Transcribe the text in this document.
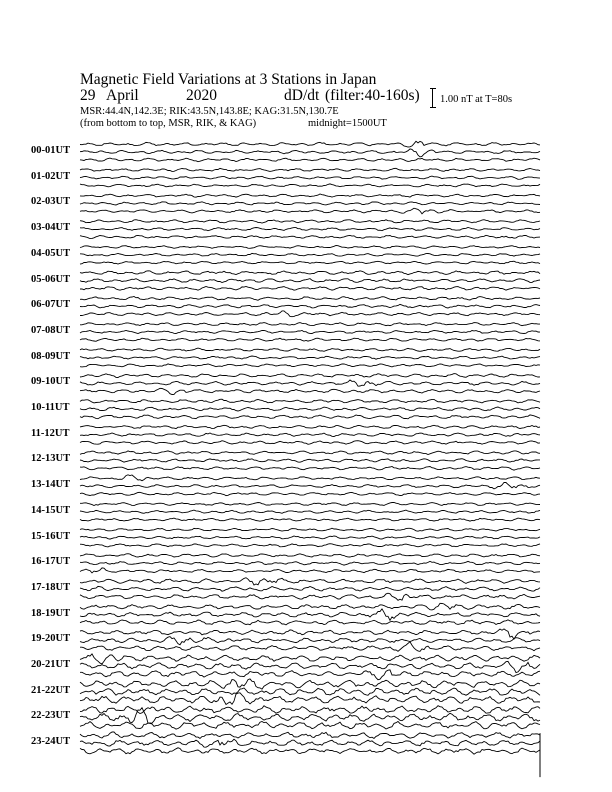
Magnetic Field Variations at 3 Stations in Japan
29 April	2020	dD/dt (filter:40-160s) 1.00 nT at T=80s
MSR:44.4N,142.3E; RIK:43.5N,143.8E; KAG:31.5N,130.7E
(from bottom to top, MSR, RIK, & KAG)	midnight=1500UT
00-01UT
01-02UT
02-03UT
03-04UT
04-05UT
05-06UT
06-07UT
07-08UT
08-09UT
09-10UT
10-11UT
11-12UT
12-13UT
13-14UT
14-15UT
15-16UT
16-17UT
17-18UT
18-19UT
19-20UT
20-21UT
21-22UT
22-23UT
23-24UT
